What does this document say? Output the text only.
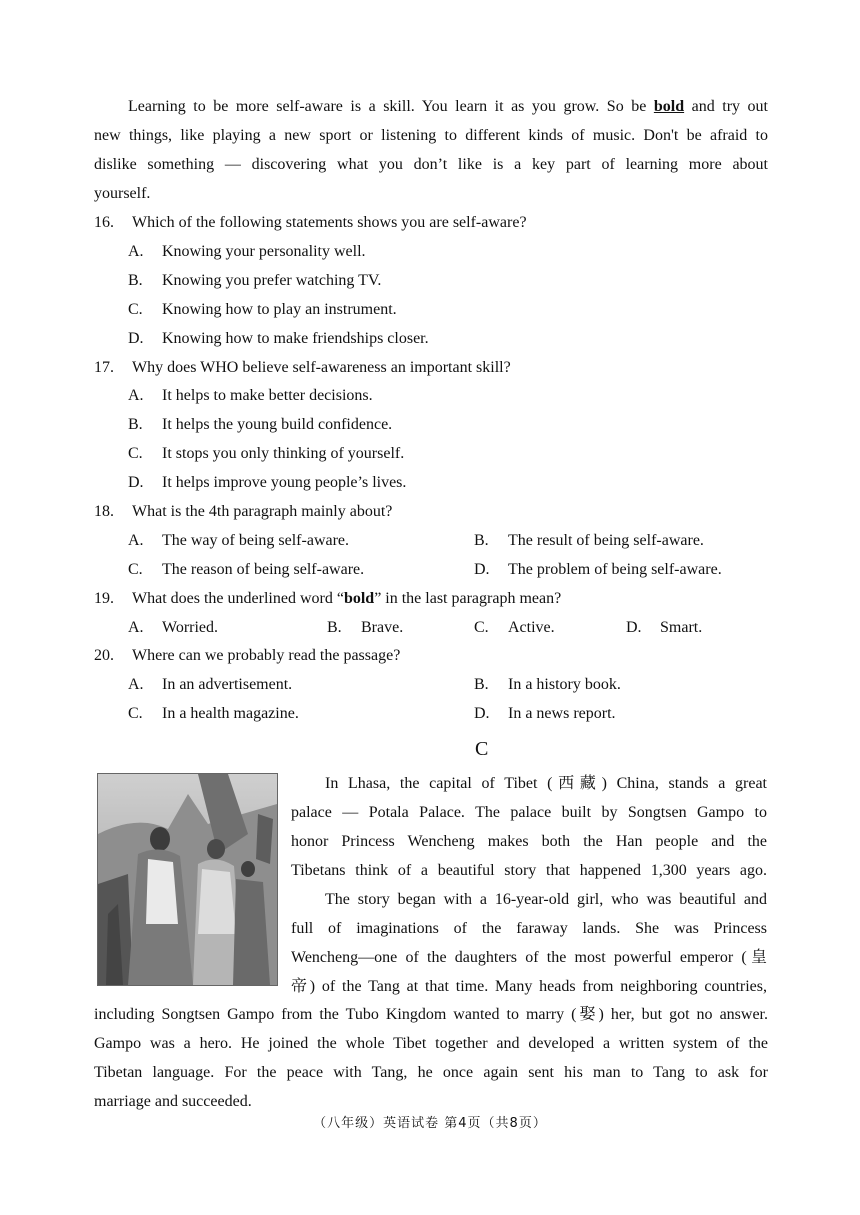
Learning to be more self-aware is a skill. You learn it as you grow. So be bold and try out
new things, like playing a new sport or listening to different kinds of music. Don't be afraid to
dislike something — discovering what you don’t like is a key part of learning more about
yourself.
16. Which of the following statements shows you are self-aware?
A. Knowing your personality well.
B. Knowing you prefer watching TV.
C. Knowing how to play an instrument.
D. Knowing how to make friendships closer.
17. Why does WHO believe self-awareness an important skill?
A. It helps to make better decisions.
B. It helps the young build confidence.
C. It stops you only thinking of yourself.
D. It helps improve young people’s lives.
18. What is the 4th paragraph mainly about?
A. The way of being self-aware.	B. The result of being self-aware.
C. The reason of being self-aware.	D. The problem of being self-aware.
19. What does the underlined word “bold” in the last paragraph mean?
A. Worried.	B. Brave.	C. Active.	D. Smart.
20. Where can we probably read the passage?
A. In an advertisement.	B. In a history book.
C. In a health magazine.	D. In a news report.
C
In Lhasa, the capital of Tibet (西藏) China, stands a great
palace — Potala Palace. The palace built by Songtsen Gampo to
honor Princess Wencheng makes both the Han people and the
Tibetans think of a beautiful story that happened 1,300 years ago.
The story began with a 16-year-old girl, who was beautiful and
full of imaginations of the faraway lands. She was Princess
Wencheng—one of the daughters of the most powerful emperor (皇
帝) of the Tang at that time. Many heads from neighboring countries,
including Songtsen Gampo from the Tubo Kingdom wanted to marry (娶) her, but got no answer.
Gampo was a hero. He joined the whole Tibet together and developed a written system of the
Tibetan language. For the peace with Tang, he once again sent his man to Tang to ask for
marriage and succeeded.
（八年级）英语试卷 第4页（共8页）
